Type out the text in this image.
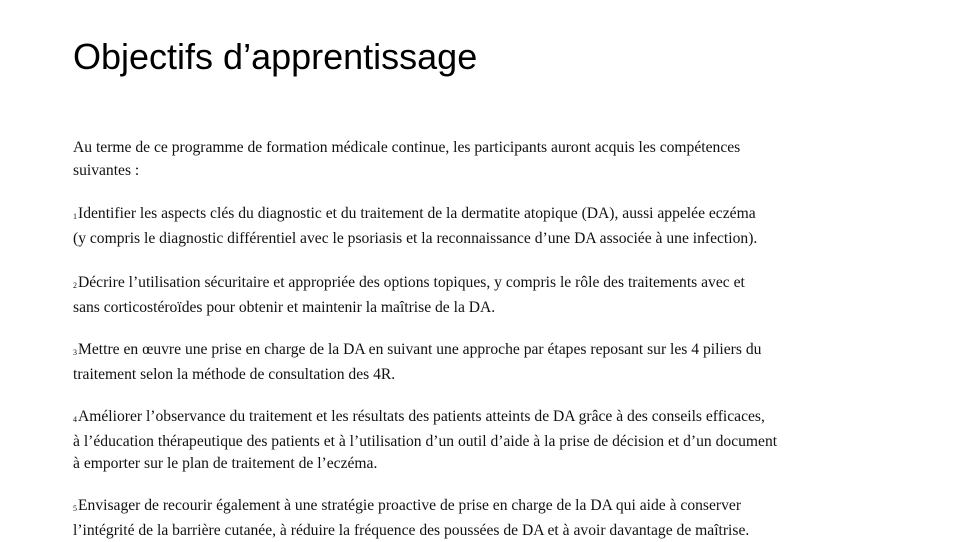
Objectifs d’apprentissage

Au terme de ce programme de formation médicale continue, les participants auront acquis les compétences
suivantes :

1Identifier les aspects clés du diagnostic et du traitement de la dermatite atopique (DA), aussi appelée eczéma
(y compris le diagnostic différentiel avec le psoriasis et la reconnaissance d’une DA associée à une infection).

2Décrire l’utilisation sécuritaire et appropriée des options topiques, y compris le rôle des traitements avec et
sans corticostéroïdes pour obtenir et maintenir la maîtrise de la DA.

3Mettre en œuvre une prise en charge de la DA en suivant une approche par étapes reposant sur les 4 piliers du
traitement selon la méthode de consultation des 4R.

4Améliorer l’observance du traitement et les résultats des patients atteints de DA grâce à des conseils efficaces,
à l’éducation thérapeutique des patients et à l’utilisation d’un outil d’aide à la prise de décision et d’un document
à emporter sur le plan de traitement de l’eczéma.

5Envisager de recourir également à une stratégie proactive de prise en charge de la DA qui aide à conserver
l’intégrité de la barrière cutanée, à réduire la fréquence des poussées de DA et à avoir davantage de maîtrise.
